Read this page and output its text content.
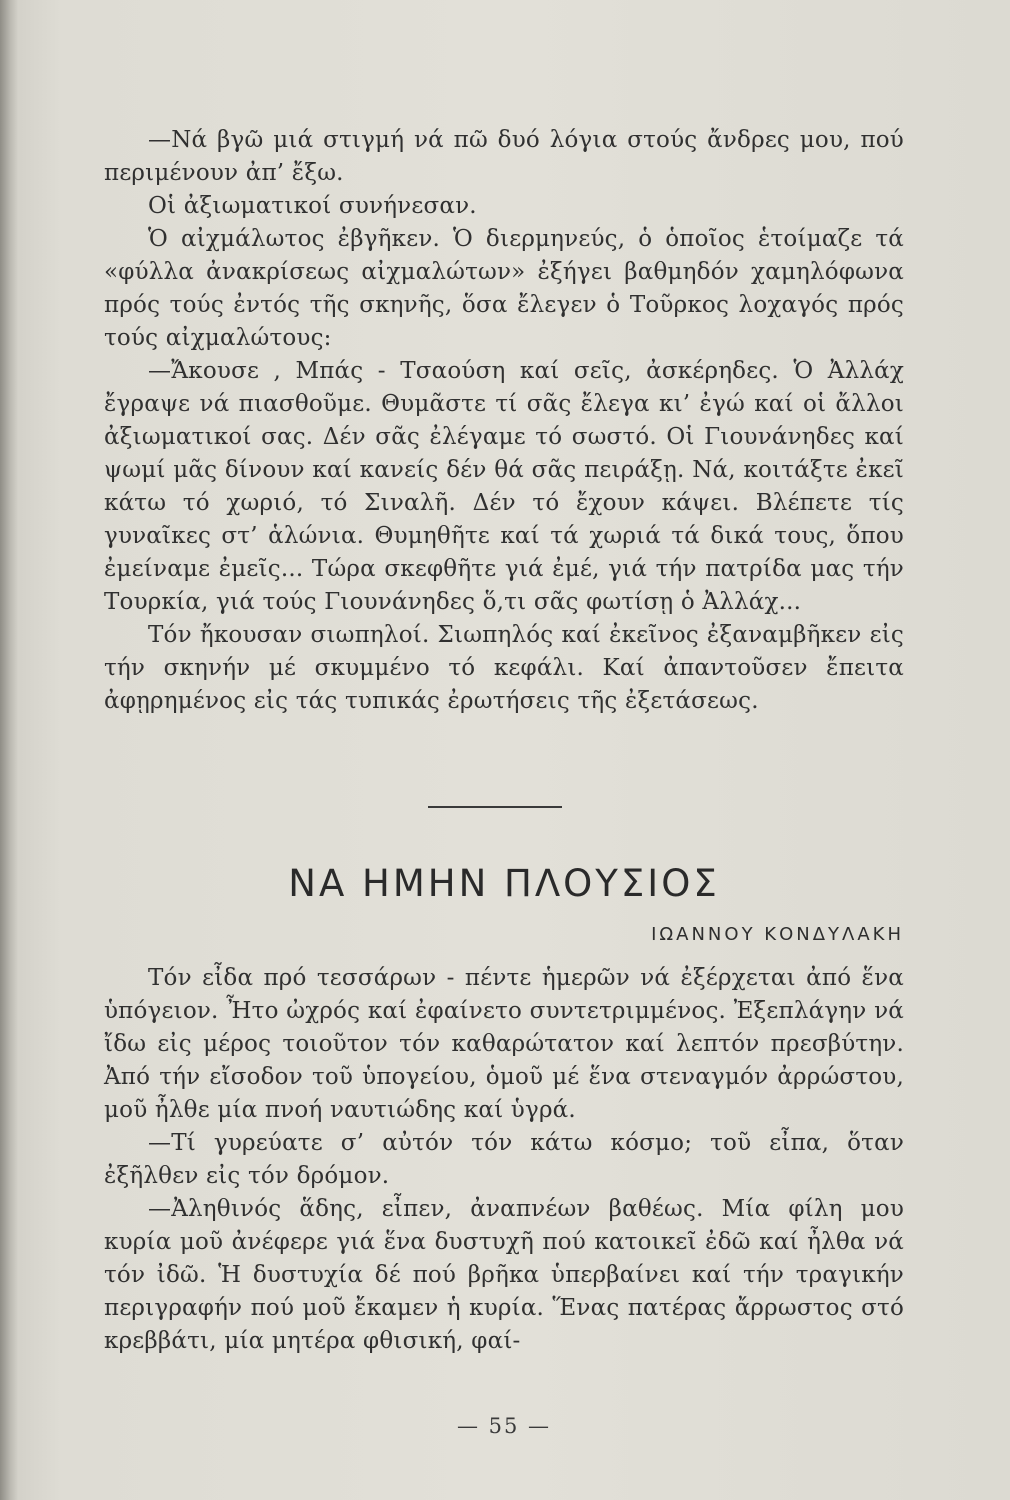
—Νά βγῶ μιά στιγμή νά πῶ δυό λόγια στούς ἄνδρες μου, πού περιμένουν ἀπ’ ἔξω.

Οἱ ἀξιωματικοί συνήνεσαν.

Ὁ αἰχμάλωτος ἐβγῆκεν. Ὁ διερμηνεύς, ὁ ὁποῖος ἑτοίμαζε τά «φύλλα ἀνακρίσεως αἰχμαλώτων» ἐξήγει βαθμηδόν χαμηλόφωνα πρός τούς ἐντός τῆς σκηνῆς, ὅσα ἔλεγεν ὁ Τοῦρκος λοχαγός πρός τούς αἰχμαλώτους:

—Ἄκουσε , Μπάς - Τσαούση καί σεῖς, ἀσκέρηδες. Ὁ Ἀλλάχ ἔγραψε νά πιασθοῦμε. Θυμᾶστε τί σᾶς ἔλεγα κι’ ἐγώ καί οἱ ἄλλοι ἀξιωματικοί σας. Δέν σᾶς ἐλέγαμε τό σωστό. Οἱ Γιουνάνηδες καί ψωμί μᾶς δίνουν καί κανείς δέν θά σᾶς πειράξῃ. Νά, κοιτάξτε ἐκεῖ κάτω τό χωριό, τό Σιναλῆ. Δέν τό ἔχουν κάψει. Βλέπετε τίς γυναῖκες στ’ ἁλώνια. Θυμηθῆτε καί τά χωριά τά δικά τους, ὅπου ἐμείναμε ἐμεῖς... Τώρα σκεφθῆτε γιά ἐμέ, γιά τήν πατρίδα μας τήν Τουρκία, γιά τούς Γιουνάνηδες ὅ,τι σᾶς φωτίσῃ ὁ Ἀλλάχ...

Τόν ἤκουσαν σιωπηλοί. Σιωπηλός καί ἐκεῖνος ἐξαναμβῆκεν εἰς τήν σκηνήν μέ σκυμμένο τό κεφάλι. Καί ἀπαντοῦσεν ἔπειτα ἀφῃρημένος εἰς τάς τυπικάς ἐρωτήσεις τῆς ἐξετάσεως.

ΝΑ ΗΜΗΝ ΠΛΟΥΣΙΟΣ
ΙΩΑΝΝΟΥ ΚΟΝΔΥΛΑΚΗ

Τόν εἶδα πρό τεσσάρων - πέντε ἡμερῶν νά ἐξέρχεται ἀπό ἕνα ὑπόγειον. Ἦτο ὠχρός καί ἐφαίνετο συντετριμμένος. Ἐξεπλάγην νά ἴδω εἰς μέρος τοιοῦτον τόν καθαρώτατον καί λεπτόν πρεσβύτην. Ἀπό τήν εἴσοδον τοῦ ὑπογείου, ὁμοῦ μέ ἕνα στεναγμόν ἀρρώστου, μοῦ ἦλθε μία πνοή ναυτιώδης καί ὑγρά.

—Τί γυρεύατε σ’ αὐτόν τόν κάτω κόσμο; τοῦ εἶπα, ὅταν ἐξῆλθεν εἰς τόν δρόμον.

—Ἀληθινός ἅδης, εἶπεν, ἀναπνέων βαθέως. Μία φίλη μου κυρία μοῦ ἀνέφερε γιά ἕνα δυστυχῆ πού κατοικεῖ ἐδῶ καί ἦλθα νά τόν ἰδῶ. Ἡ δυστυχία δέ πού βρῆκα ὑπερβαίνει καί τήν τραγικήν περιγραφήν πού μοῦ ἔκαμεν ἡ κυρία. Ἕνας πατέρας ἄρρωστος στό κρεββάτι, μία μητέρα φθισική, φαί-

— 55 —
